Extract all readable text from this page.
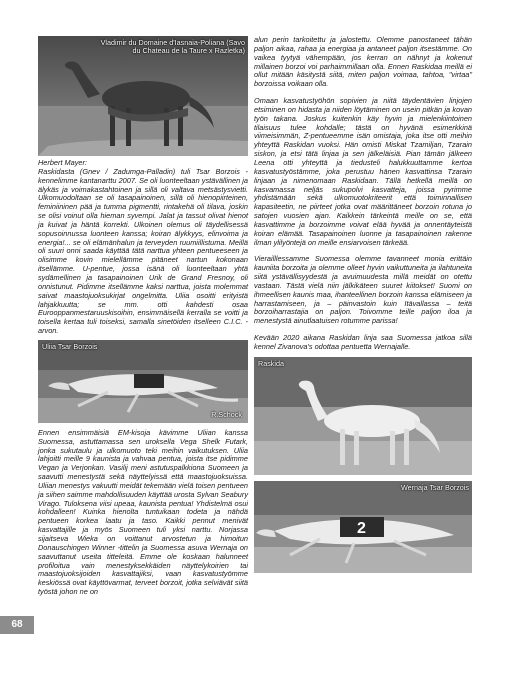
Vladimir du Domaine d'Iasnaia-Poliana (Savo du Chateau de la Taure x Razletka)

Herbert Mayer:
Raskidasta (Gnev / Zadumga-Palladin) tuli Tsar Borzois -kennelimme kantanarttu 2007. Se oli luonteeltaan ystävällinen ja älykäs ja voimakastahtoinen ja sillä oli valtava metsästysvietti. Ulkomuodoltaan se oli tasapainoinen, sillä oli hienopiirteinen, feminiininen pää ja tumma pigmentti, rintakehä oli tilava, joskin se olisi voinut olla hieman syvempi. Jalat ja tassut olivat hienot ja kuivat ja häntä korrekti. Ulkoinen olemus oli täydellisessä sopusoinnussa luonteen kanssa; koiran älykkyys, elinvoima ja energia!... se oli elämänhalun ja terveyden ruumiillistuma. Meillä oli suuri onni saada käyttää tätä narttua yhteen pentueeseen ja olisimme kovin mielellämme pitäneet nartun kokonaan itsellämme. U-pentue, jossa isänä oli luonteeltaan yhtä sydämellinen ja tasapainoinen Urik de Grand Fresnoy, oli onnistunut. Pidimme itsellämme kaksi narttua, joista molemmat saivat maastojuoksukirjat ongelmitta. Uliia osoitti erityistä lahjakkuutta; se mm. otti kahdesti osaa Eurooppanmestaruuskisoihin, ensimmäisellä kerralla se voitti ja toisella kertaa tuli toiseksi, samalla sinetöiden itselleen C.I.C. -arvon.

Uliia Tsar Borzois
R.Schock

Ennen ensimmäisiä EM-kisoja kävimme Uliian kanssa Suomessa, astuttamassa sen uroksella Vega Shelk Futark, jonka sukutaulu ja ulkomuoto teki meihin vaikutuksen. Uliia lahjoitti meille 9 kaunista ja vahvaa pentua, joista itse pidimme Vegan ja Verjonkan. Vasilij meni astutuspalkkiona Suomeen ja saavutti menestystä sekä näyttelyissä että maastojuoksuissa. Uliian menestys vakuutti meidät tekemään vielä toisen pentueen ja siihen saimme mahdollisuuden käyttää urosta Sylvan Seabury Virago. Tuloksena viisi upeaa, kaunista pentua! Yhdistelmä osui kohdalleen! Kuinka hienolta tuntuikaan todeta ja nähdä pentueen korkea laatu ja taso. Kaikki pennut menivät kasvattajille ja myös Suomeen tuli yksi narttu. Norjassa sijaitseva Wieka on voittanut arvostetun ja himoitun Donauschingen Winner -tittelin ja Suomessa asuva Wernaja on saavuttanut useita titteleitä. Emme ole koskaan halunneet profiloitua vain menestyksekkäiden näyttelykoirien tai maastojuoksijoiden kasvattajiksi, vaan kasvatustyömme keskiössä ovat käyttövarmat, terveet borzoit, jotka selviävät siitä työstä johon ne on

alun perin tarkoitettu ja jalostettu. Olemme panostaneet tähän paljon aikaa, rahaa ja energiaa ja antaneet paljon itsestämme. On vaikea tyytyä vähempään, jos kerran on nähnyt ja kokenut millainen borzoi voi parhaimmillaan olla. Ennen Raskidaa meillä ei ollut mitään käsitystä siitä, miten paljon voimaa, tahtoa, "virtaa" borzoissa voikaan olla.

Omaan kasvatustyöhön sopivien ja niitä täydentävien linjojen etsiminen on hidasta ja niiden löytäminen on usein pitkän ja kovan työn takana. Joskus kuitenkin käy hyvin ja mielenkiintoinen tilaisuus tulee kohdalle; tästä on hyvänä esimerkkinä viimeisimmän, Z-pentueemme isän omistaja, joka itse otti meihin yhteyttä Raskidan vuoksi. Hän omisti Miskat Tzamiljan, Tzarain siskon, ja etsi tätä linjaa ja sen jälkeläisiä. Pian tämän jälkeen Leena otti yhteyttä ja tiedusteli halukkuuttamme kertoa kasvatustyöstämme, joka perustuu hänen kasvattinsa Tzarain linjaan ja nimenomaan Raskidaan. Tällä hetkellä meillä on kasvamassa neljäs sukupolvi kasvatteja, joissa pyrimme yhdistämään sekä ulkomuotokriteerit että toiminnallisen kapasiteetin, ne piirteet jotka ovat määrittäneet borzoin rotuna jo satojen vuosien ajan. Kaikkein tärkeintä meille on se, että kasvattimme ja borzoimme voivat elää hyvää ja onnentäyteistä koiran elämää. Tasapainoinen luonne ja tasapainoinen rakenne ilman ylilyöntejä on meille ensiarvoisen tärkeää.

Vierailllessamme Suomessa olemme tavanneet monia erittäin kauniita borzoita ja olemme olleet hyvin vaikuttuneita ja ilahtuneita siitä ystävällisyydestä ja avuimuudesta millä meidät on otettu vastaan. Tästä vielä niin jälkikäteen suuret kiitokset! Suomi on ihmeellisen kaunis maa, ihanteellinen borzoin kanssa elämiseen ja harrastamiseen, ja – päinvastoin kuin Itävallassa – teitä borzoiharrastajia on paljon. Toivomme teille paljon iloa ja menestystä ainutlaatuisen rotumme parissa!

Kevään 2020 aikana Raskidan linja saa Suomessa jatkoa sillä kennel Zivanova's odottaa pentuetta Wernajalle.

Raskida
2
Wernaja Tsar Borzois
68
